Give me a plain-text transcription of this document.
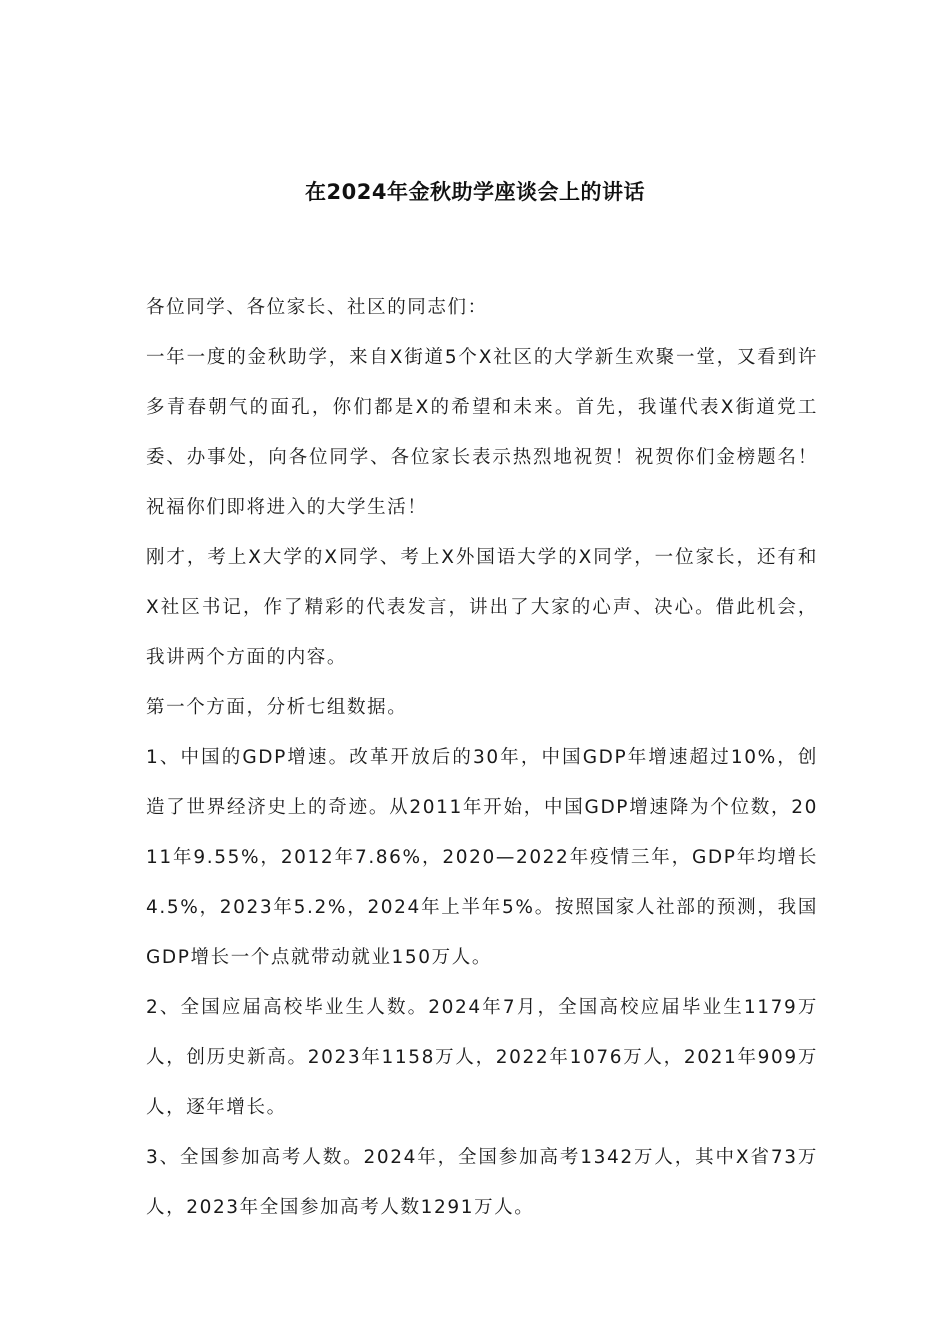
在2024年金秋助学座谈会上的讲话

各位同学、各位家长、社区的同志们：

一年一度的金秋助学，来自X街道5个X社区的大学新生欢聚一堂，又看到许多青春朝气的面孔，你们都是X的希望和未来。首先，我谨代表X街道党工委、办事处，向各位同学、各位家长表示热烈地祝贺！祝贺你们金榜题名！祝福你们即将进入的大学生活！

刚才，考上X大学的X同学、考上X外国语大学的X同学，一位家长，还有和X社区书记，作了精彩的代表发言，讲出了大家的心声、决心。借此机会，我讲两个方面的内容。

第一个方面，分析七组数据。

1、中国的GDP增速。改革开放后的30年，中国GDP年增速超过10%，创造了世界经济史上的奇迹。从2011年开始，中国GDP增速降为个位数，2011年9.55%，2012年7.86%，2020—2022年疫情三年，GDP年均增长4.5%，2023年5.2%，2024年上半年5%。按照国家人社部的预测，我国GDP增长一个点就带动就业150万人。

2、全国应届高校毕业生人数。2024年7月，全国高校应届毕业生1179万人，创历史新高。2023年1158万人，2022年1076万人，2021年909万人，逐年增长。

3、全国参加高考人数。2024年，全国参加高考1342万人，其中X省73万人，2023年全国参加高考人数1291万人。
